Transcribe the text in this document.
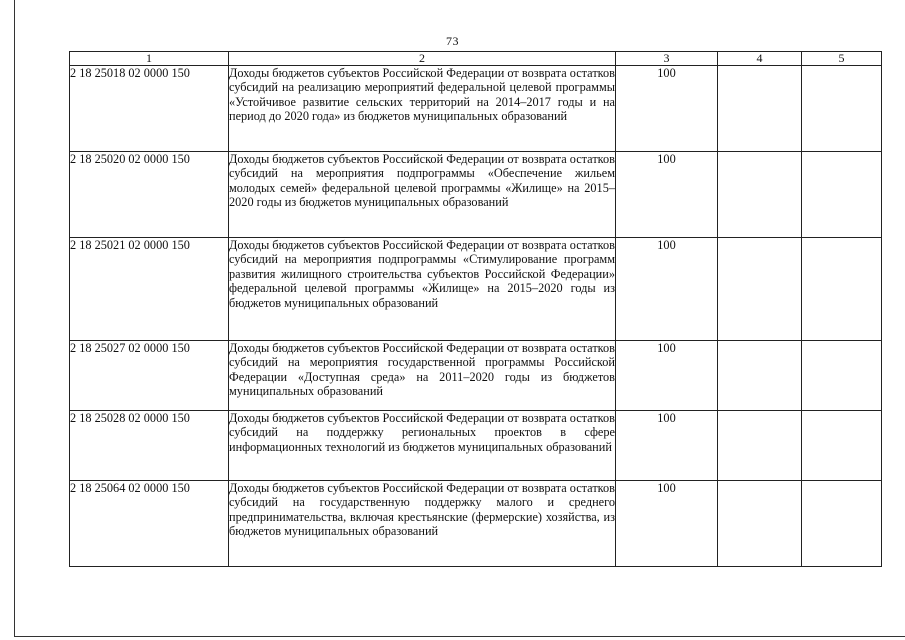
73
1	2	3	4	5
2 18 25018 02 0000 150	Доходы бюджетов субъектов Российской Федерации от возврата остатков субсидий на реализацию мероприятий федеральной целевой программы «Устойчивое развитие сельских территорий на 2014–2017 годы и на период до 2020 года» из бюджетов муниципальных образований	100		
2 18 25020 02 0000 150	Доходы бюджетов субъектов Российской Федерации от возврата остатков субсидий на мероприятия подпрограммы «Обеспечение жильем молодых семей» федеральной целевой программы «Жилище» на 2015–2020 годы из бюджетов муниципальных образований	100		
2 18 25021 02 0000 150	Доходы бюджетов субъектов Российской Федерации от возврата остатков субсидий на мероприятия подпрограммы «Стимулирование программ развития жилищного строительства субъектов Российской Федерации» федеральной целевой программы «Жилище» на 2015–2020 годы из бюджетов муниципальных образований	100		
2 18 25027 02 0000 150	Доходы бюджетов субъектов Российской Федерации от возврата остатков субсидий на мероприятия государственной программы Российской Федерации «Доступная среда» на 2011–2020 годы из бюджетов муниципальных образований	100		
2 18 25028 02 0000 150	Доходы бюджетов субъектов Российской Федерации от возврата остатков субсидий на поддержку региональных проектов в сфере информационных технологий из бюджетов муниципальных образований	100		
2 18 25064 02 0000 150	Доходы бюджетов субъектов Российской Федерации от возврата остатков субсидий на государственную поддержку малого и среднего предпринимательства, включая крестьянские (фермерские) хозяйства, из бюджетов муниципальных образований	100		
